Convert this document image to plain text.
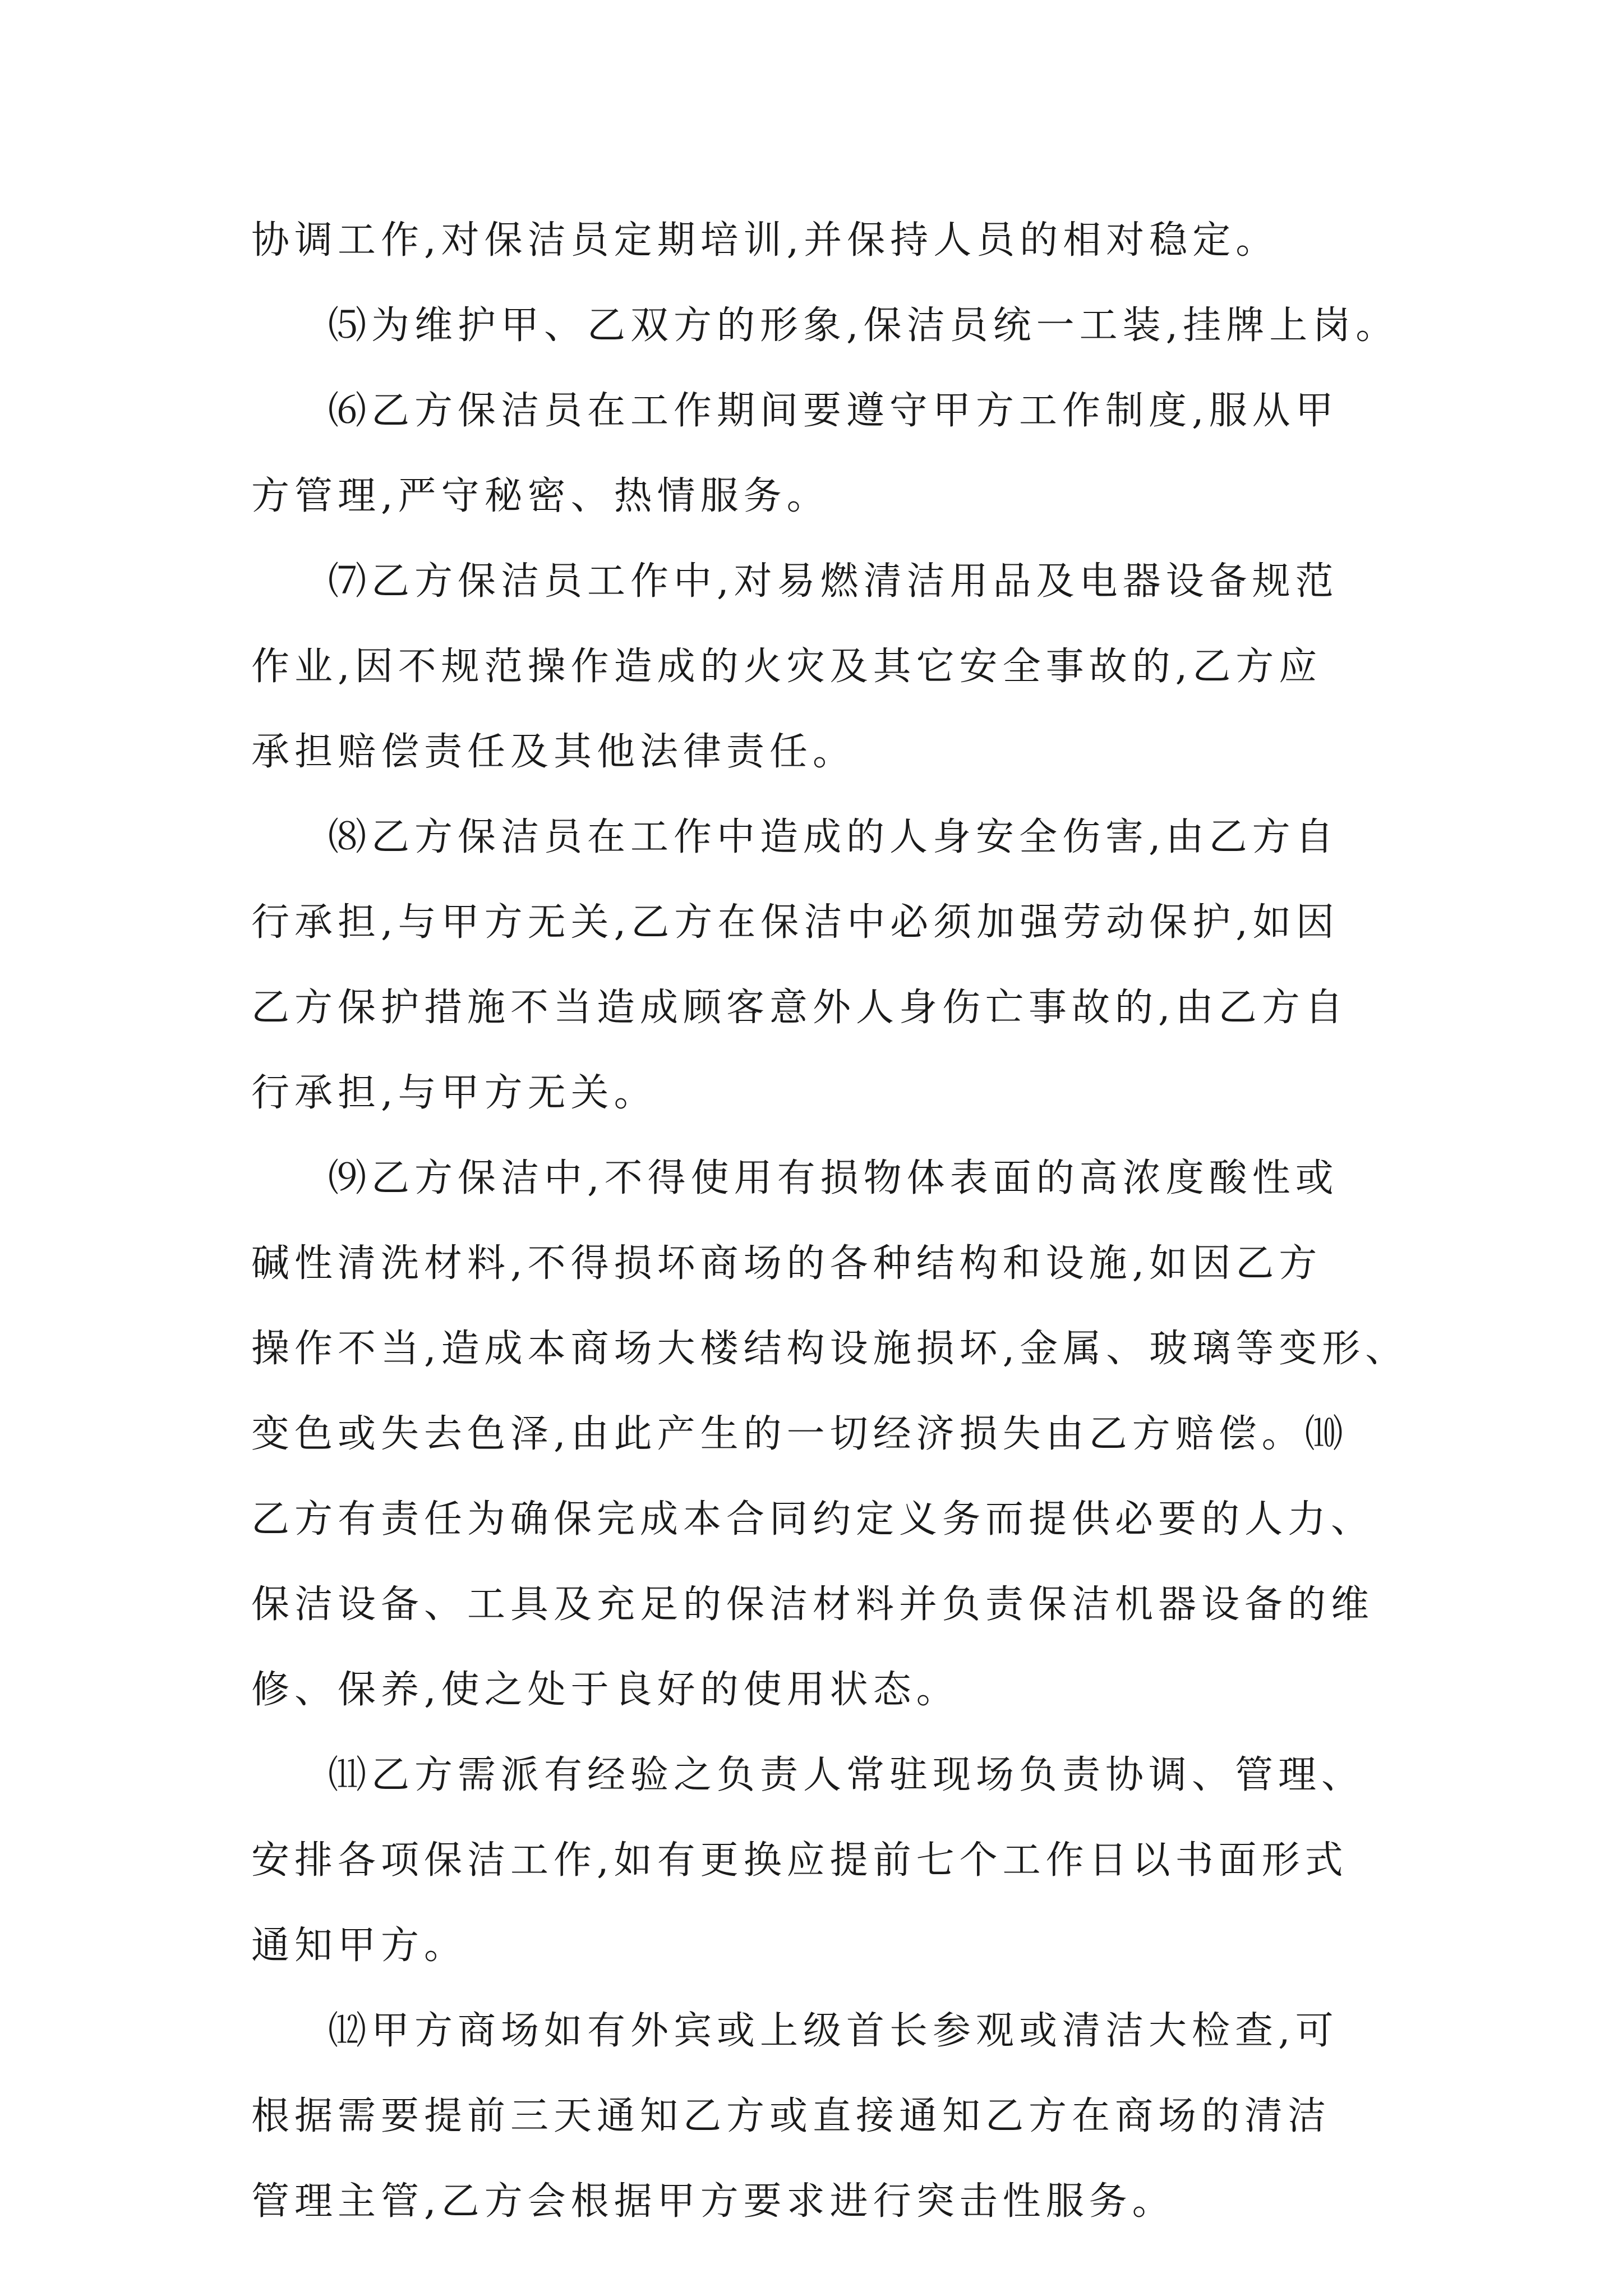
协调工作,对保洁员定期培训,并保持人员的相对稳定。
⑸为维护甲、乙双方的形象,保洁员统一工装,挂牌上岗。
⑹乙方保洁员在工作期间要遵守甲方工作制度,服从甲
方管理,严守秘密、热情服务。
⑺乙方保洁员工作中,对易燃清洁用品及电器设备规范
作业,因不规范操作造成的火灾及其它安全事故的,乙方应
承担赔偿责任及其他法律责任。
⑻乙方保洁员在工作中造成的人身安全伤害,由乙方自
行承担,与甲方无关,乙方在保洁中必须加强劳动保护,如因
乙方保护措施不当造成顾客意外人身伤亡事故的,由乙方自
行承担,与甲方无关。
⑼乙方保洁中,不得使用有损物体表面的高浓度酸性或
碱性清洗材料,不得损坏商场的各种结构和设施,如因乙方
操作不当,造成本商场大楼结构设施损坏,金属、玻璃等变形、
变色或失去色泽,由此产生的一切经济损失由乙方赔偿。⑽
乙方有责任为确保完成本合同约定义务而提供必要的人力、
保洁设备、工具及充足的保洁材料并负责保洁机器设备的维
修、保养,使之处于良好的使用状态。
⑾乙方需派有经验之负责人常驻现场负责协调、管理、
安排各项保洁工作,如有更换应提前七个工作日以书面形式
通知甲方。
⑿甲方商场如有外宾或上级首长参观或清洁大检查,可
根据需要提前三天通知乙方或直接通知乙方在商场的清洁
管理主管,乙方会根据甲方要求进行突击性服务。
